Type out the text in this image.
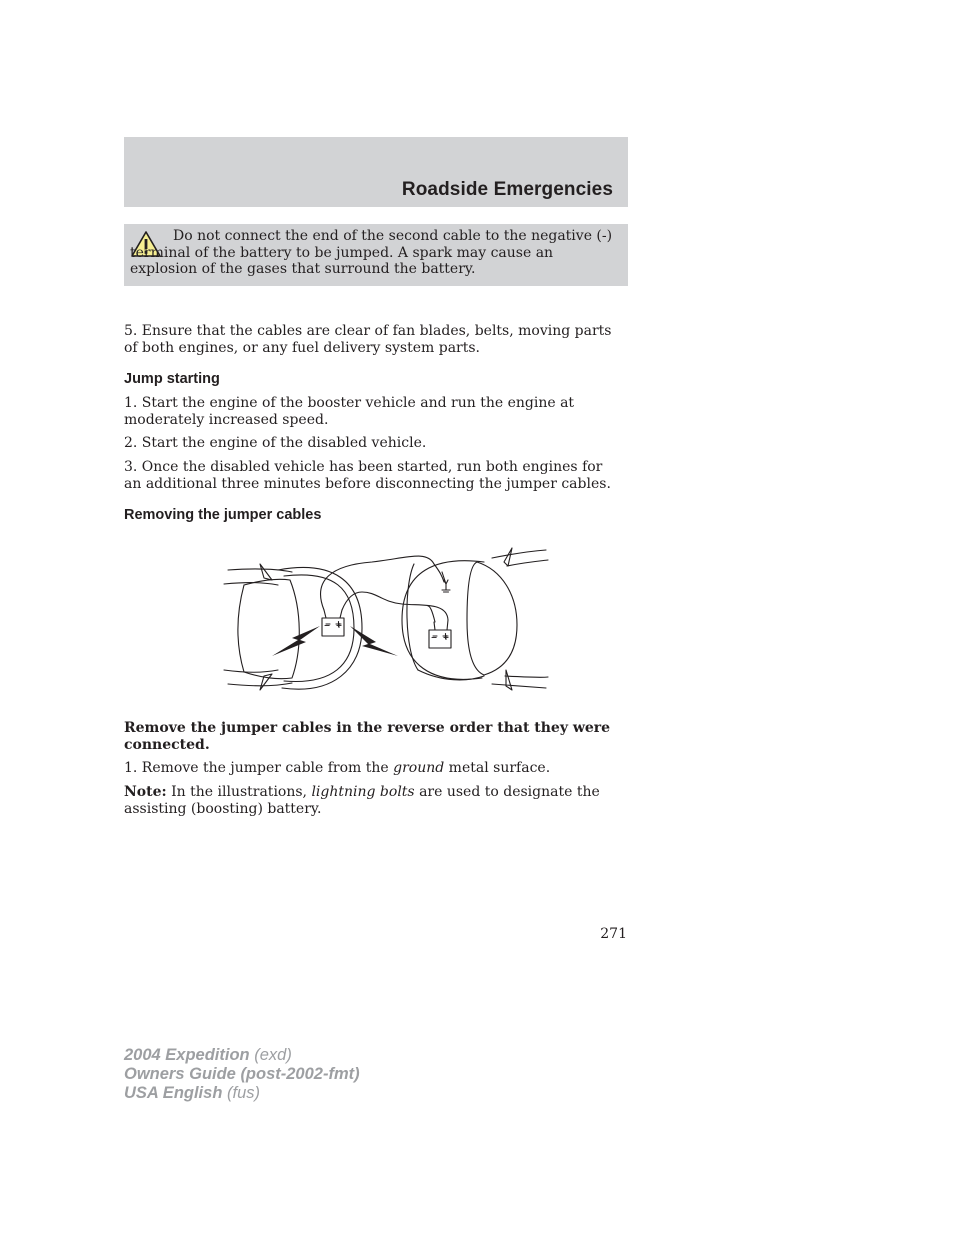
Roadside Emergencies

Do not connect the end of the second cable to the negative (-) terminal of the battery to be jumped. A spark may cause an explosion of the gases that surround the battery.

5. Ensure that the cables are clear of fan blades, belts, moving parts of both engines, or any fuel delivery system parts.

Jump starting

1. Start the engine of the booster vehicle and run the engine at moderately increased speed.

2. Start the engine of the disabled vehicle.

3. Once the disabled vehicle has been started, run both engines for an additional three minutes before disconnecting the jumper cables.

Removing the jumper cables
− +
− +

Remove the jumper cables in the reverse order that they were connected.

1. Remove the jumper cable from the ground metal surface.

Note: In the illustrations, lightning bolts are used to designate the assisting (boosting) battery.

271
2004 Expedition (exd)
Owners Guide (post-2002-fmt)
USA English (fus)
